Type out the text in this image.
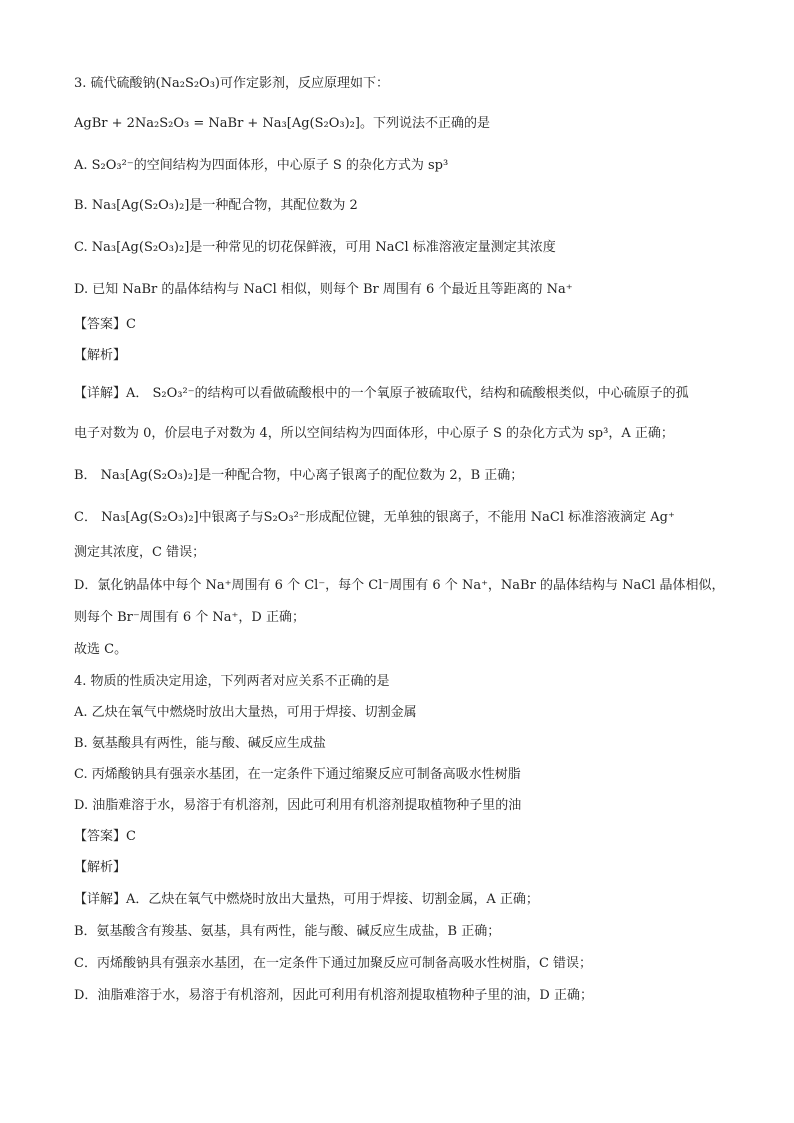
3. 硫代硫酸钠(Na₂S₂O₃)可作定影剂，反应原理如下：
AgBr + 2Na₂S₂O₃ = NaBr + Na₃[Ag(S₂O₃)₂]。下列说法不正确的是
A. S₂O₃²⁻的空间结构为四面体形，中心原子 S 的杂化方式为 sp³
B. Na₃[Ag(S₂O₃)₂]是一种配合物，其配位数为 2
C. Na₃[Ag(S₂O₃)₂]是一种常见的切花保鲜液，可用 NaCl 标准溶液定量测定其浓度
D. 已知 NaBr 的晶体结构与 NaCl 相似，则每个 Br 周围有 6 个最近且等距离的 Na⁺
【答案】C
【解析】
【详解】A． S₂O₃²⁻的结构可以看做硫酸根中的一个氧原子被硫取代，结构和硫酸根类似，中心硫原子的孤
电子对数为 0，价层电子对数为 4，所以空间结构为四面体形，中心原子 S 的杂化方式为 sp³，A 正确；
B． Na₃[Ag(S₂O₃)₂]是一种配合物，中心离子银离子的配位数为 2，B 正确；
C． Na₃[Ag(S₂O₃)₂]中银离子与S₂O₃²⁻形成配位键，无单独的银离子，不能用 NaCl 标准溶液滴定 Ag⁺
测定其浓度，C 错误；
D．氯化钠晶体中每个 Na⁺周围有 6 个 Cl⁻，每个 Cl⁻周围有 6 个 Na⁺，NaBr 的晶体结构与 NaCl 晶体相似，
则每个 Br⁻周围有 6 个 Na⁺，D 正确；
故选 C。
4. 物质的性质决定用途，下列两者对应关系不正确的是
A. 乙炔在氧气中燃烧时放出大量热，可用于焊接、切割金属
B. 氨基酸具有两性，能与酸、碱反应生成盐
C. 丙烯酸钠具有强亲水基团，在一定条件下通过缩聚反应可制备高吸水性树脂
D. 油脂难溶于水，易溶于有机溶剂，因此可利用有机溶剂提取植物种子里的油
【答案】C
【解析】
【详解】A．乙炔在氧气中燃烧时放出大量热，可用于焊接、切割金属，A 正确；
B．氨基酸含有羧基、氨基，具有两性，能与酸、碱反应生成盐，B 正确；
C．丙烯酸钠具有强亲水基团，在一定条件下通过加聚反应可制备高吸水性树脂，C 错误；
D．油脂难溶于水，易溶于有机溶剂，因此可利用有机溶剂提取植物种子里的油，D 正确；
